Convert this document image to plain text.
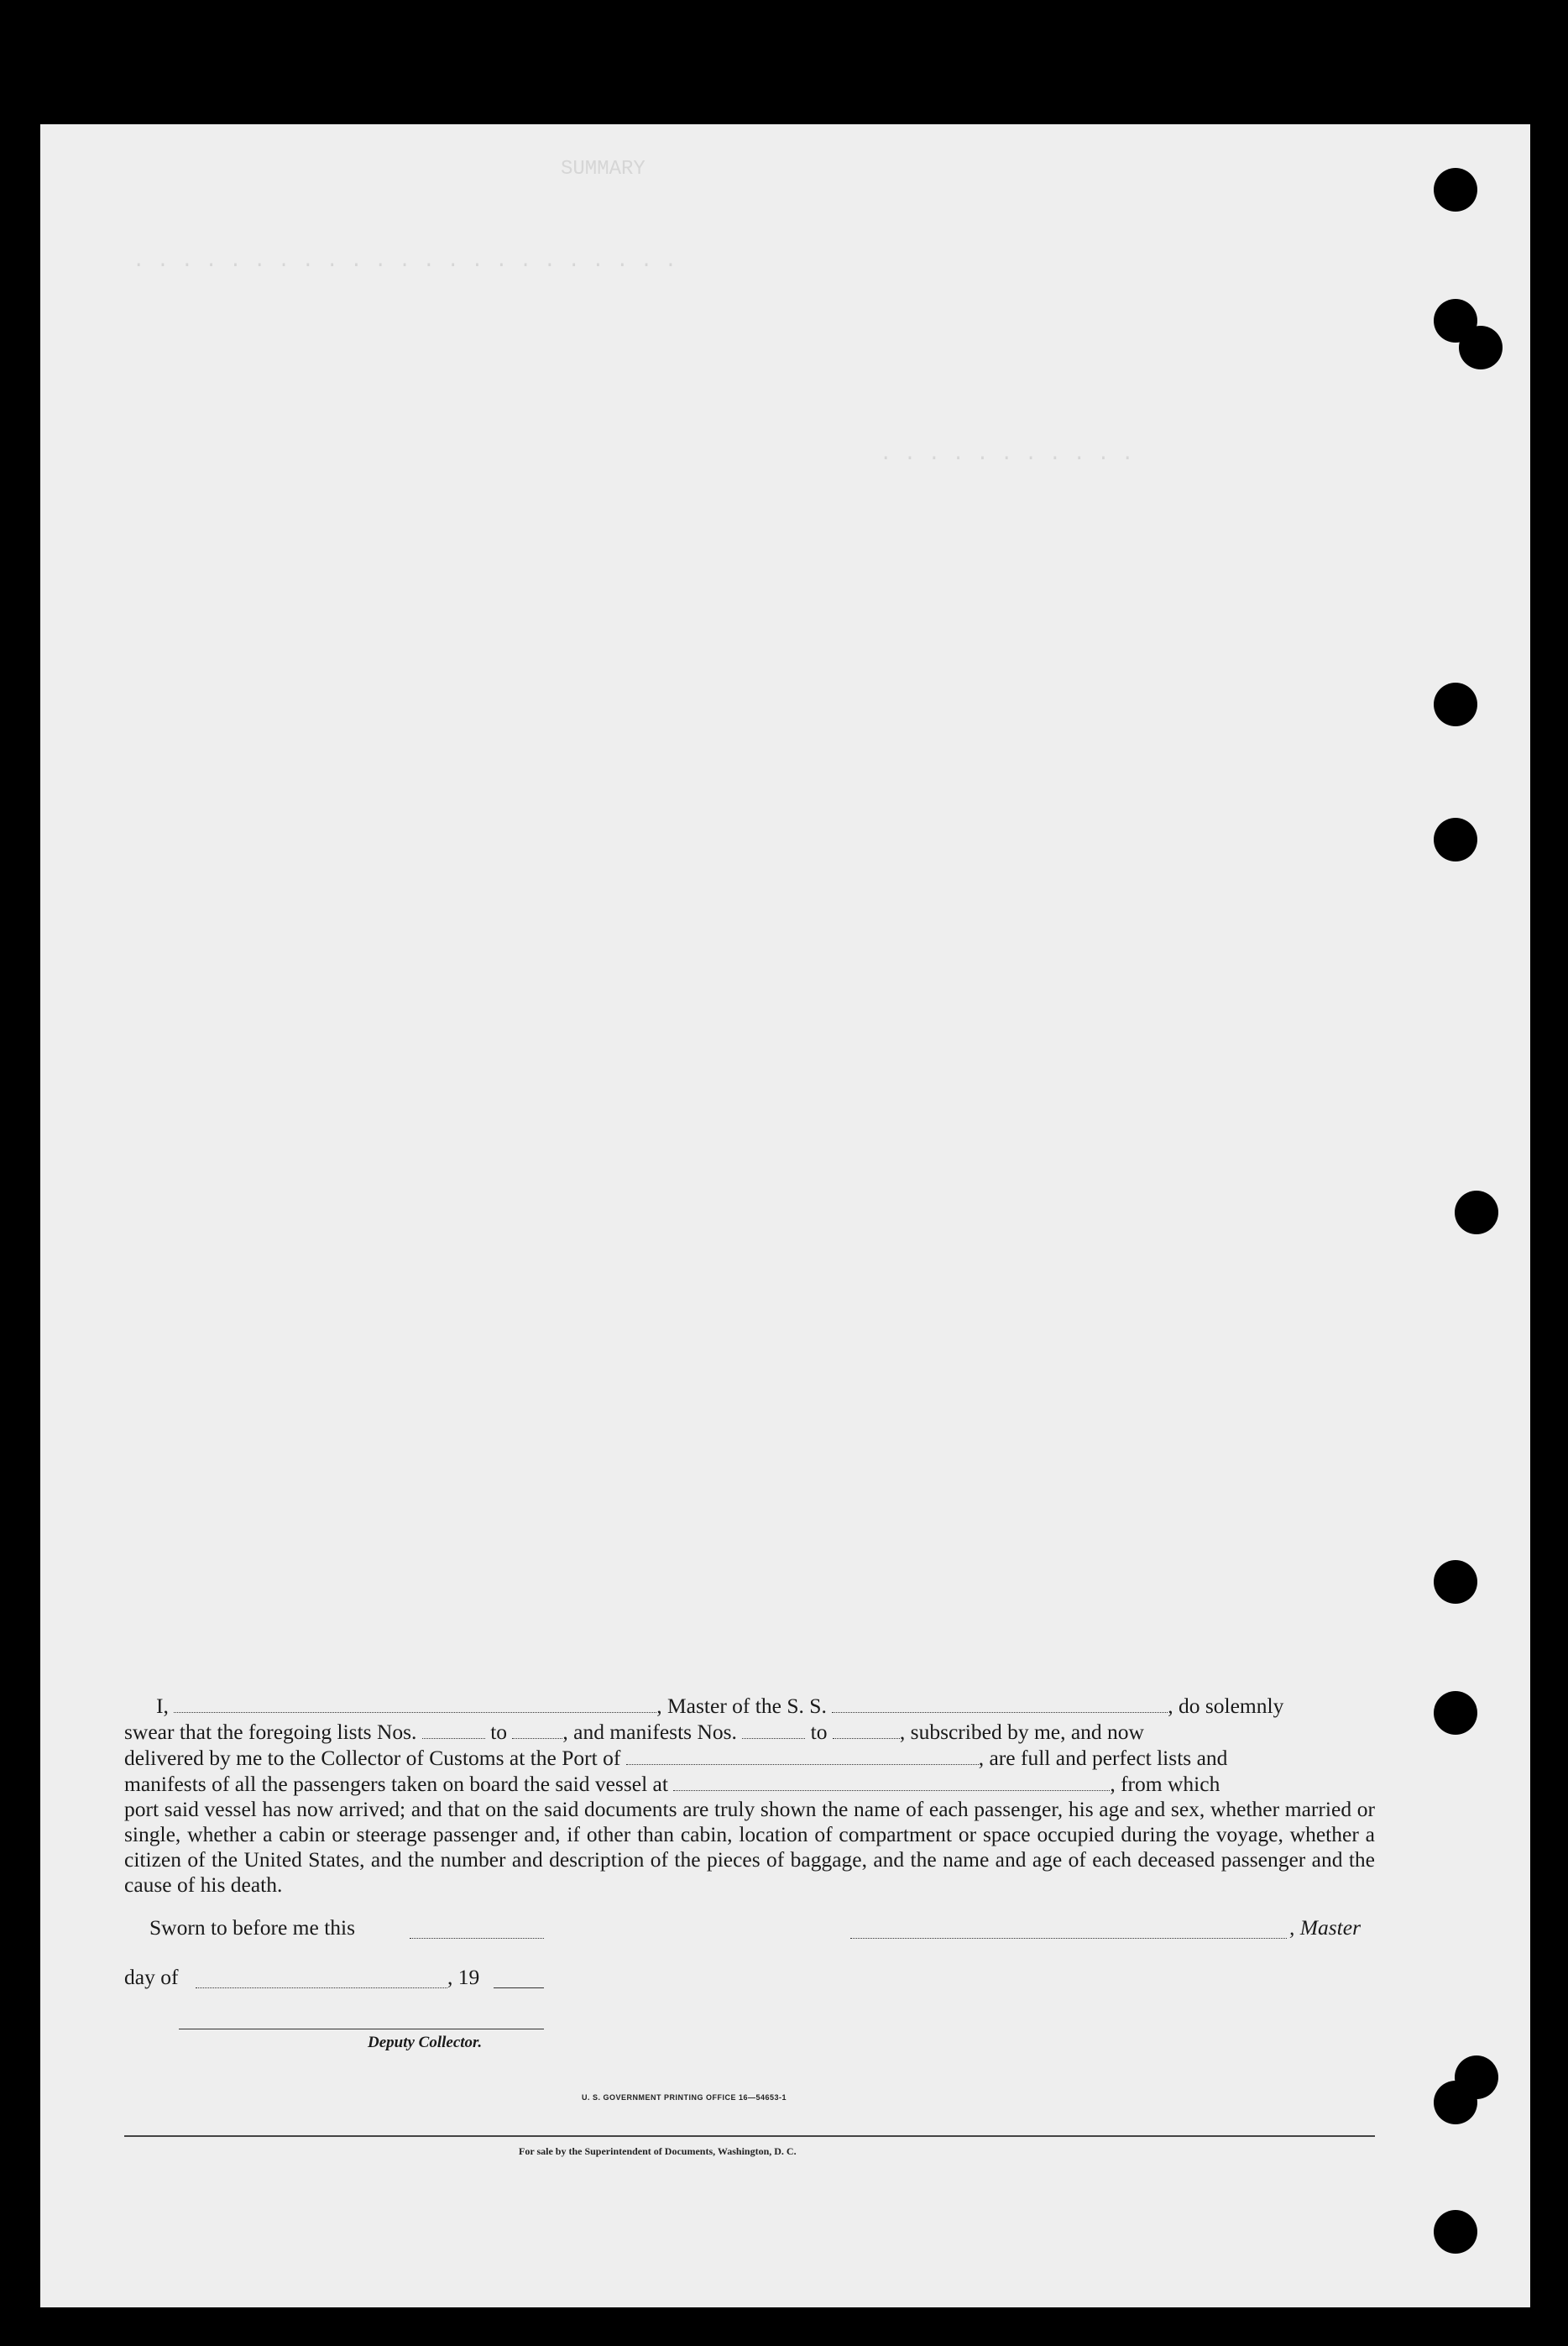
SUMMARY
. . . . . . . . . . . . . . . . . . . . . . .
. . . . . . . . . . .
I,	, Master of the S. S.	, do solemnly
swear that the foregoing lists Nos.	to	, and manifests Nos.	to	, subscribed by me, and now
delivered by me to the Collector of Customs at the Port of	, are full and perfect lists and
manifests of all the passengers taken on board the said vessel at	, from which
port said vessel has now arrived; and that on the said documents are truly shown the name of each passenger, his age and sex, whether married or single, whether a cabin or steerage passenger and, if other than cabin, location of compartment or space occupied during the voyage, whether a citizen of the United States, and the number and description of the pieces of baggage, and the name and age of each deceased passenger and the cause of his death.
Sworn to before me this	, Master
day of	, 19
Deputy Collector.
U. S. GOVERNMENT PRINTING OFFICE 16—54653-1
For sale by the Superintendent of Documents, Washington, D. C.
